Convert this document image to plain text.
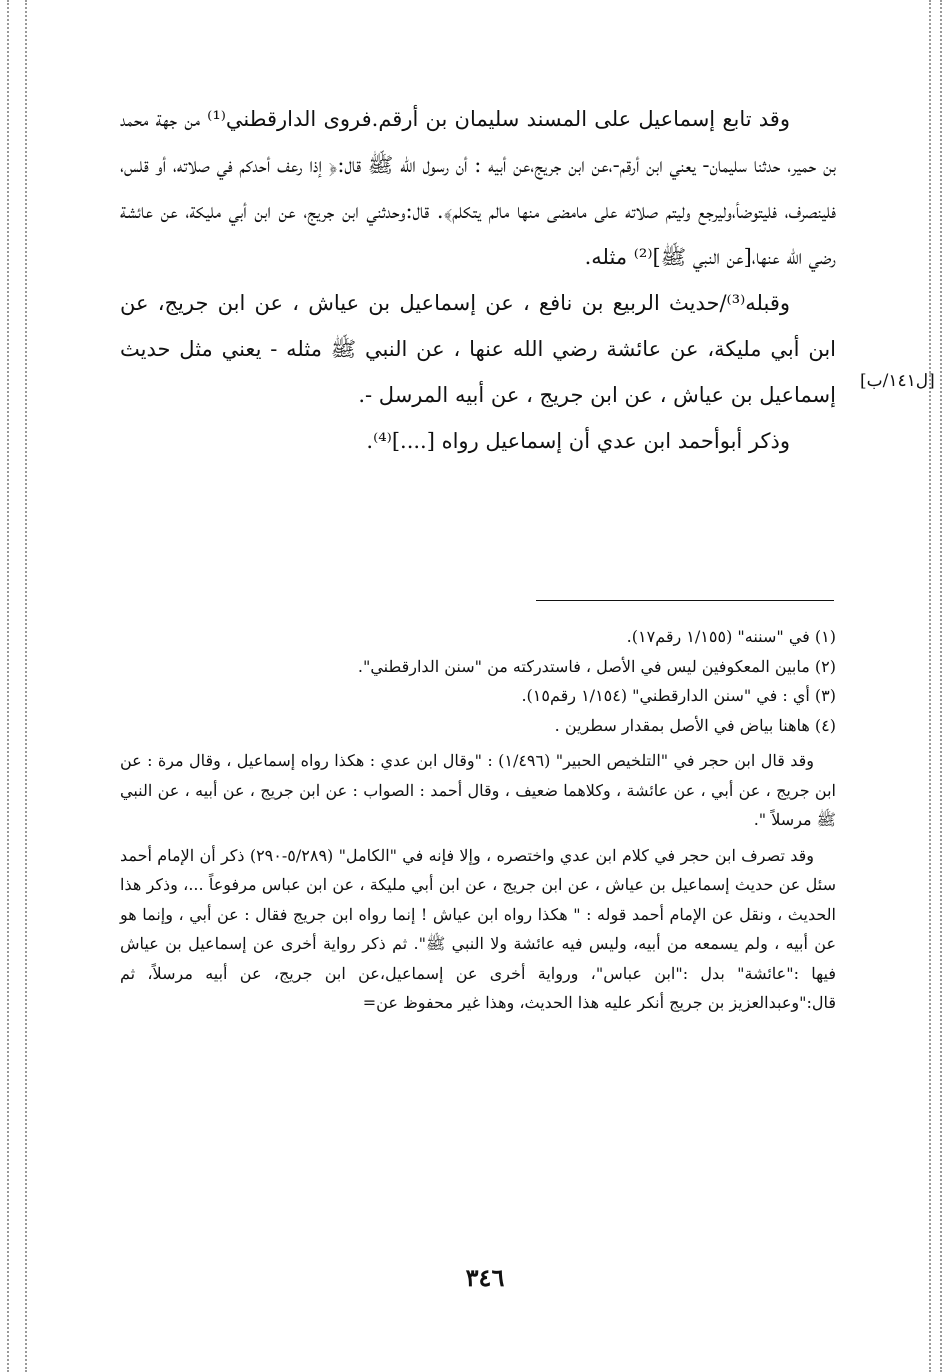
وقد تابع إسماعيل على المسند سليمان بن أرقم.فروى الدارقطني⁽¹⁾ من جهة محمد بن حمير، حدثنا سليمان- يعني ابن أرقم-،عن ابن جريج،عن أبيه : أن رسول الله ﷺ قال:﴿ إذا رعف أحدكم في صلاته، أو قلس، فلينصرف، فليتوضأ،وليرجع وليتم صلاته على مامضى منها مالم يتكلم﴾. قال:وحدثني ابن جريج، عن ابن أبي مليكة، عن عائشة رضي الله عنها،[عن النبي ﷺ]⁽²⁾ مثله.

وقبله⁽³⁾/حديث الربيع بن نافع ، عن إسماعيل بن عياش ، عن ابن جريج، عن ابن أبي مليكة، عن عائشة رضي الله عنها ، عن النبي ﷺ مثله - يعني مثل حديث إسماعيل بن عياش ، عن ابن جريج ، عن أبيه المرسل -.

وذكر أبوأحمد ابن عدي أن إسماعيل رواه [....]⁽⁴⁾.

[ل١٤١/ب]

(١) في "سننه" (١/١٥٥ رقم١٧).

(٢) مابين المعكوفين ليس في الأصل ، فاستدركته من "سنن الدارقطني".

(٣) أي : في "سنن الدارقطني" (١/١٥٤ رقم١٥).

(٤) هاهنا بياض في الأصل بمقدار سطرين .

وقد قال ابن حجر في "التلخيص الحبير" (١/٤٩٦) : "وقال ابن عدي : هكذا رواه إسماعيل ، وقال مرة : عن ابن جريج ، عن أبي ، عن عائشة ، وكلاهما ضعيف ، وقال أحمد : الصواب : عن ابن جريج ، عن أبيه ، عن النبي ﷺ مرسلاً ".

وقد تصرف ابن حجر في كلام ابن عدي واختصره ، وإلا فإنه في "الكامل" (٥/٢٨٩-٢٩٠) ذكر أن الإمام أحمد سئل عن حديث إسماعيل بن عياش ، عن ابن جريج ، عن ابن أبي مليكة ، عن ابن عباس مرفوعاً ...، وذكر هذا الحديث ، ونقل عن الإمام أحمد قوله : " هكذا رواه ابن عياش ! إنما رواه ابن جريج فقال : عن أبي ، وإنما هو عن أبيه ، ولم يسمعه من أبيه، وليس فيه عائشة ولا النبي ﷺ". ثم ذكر رواية أخرى عن إسماعيل بن عياش فيها :"عائشة" بدل :"ابن عباس"، ورواية أخرى عن إسماعيل،عن ابن جريج، عن أبيه مرسلاً، ثم قال:"وعبدالعزيز بن جريج أنكر عليه هذا الحديث، وهذا غير محفوظ عن=

٣٤٦
